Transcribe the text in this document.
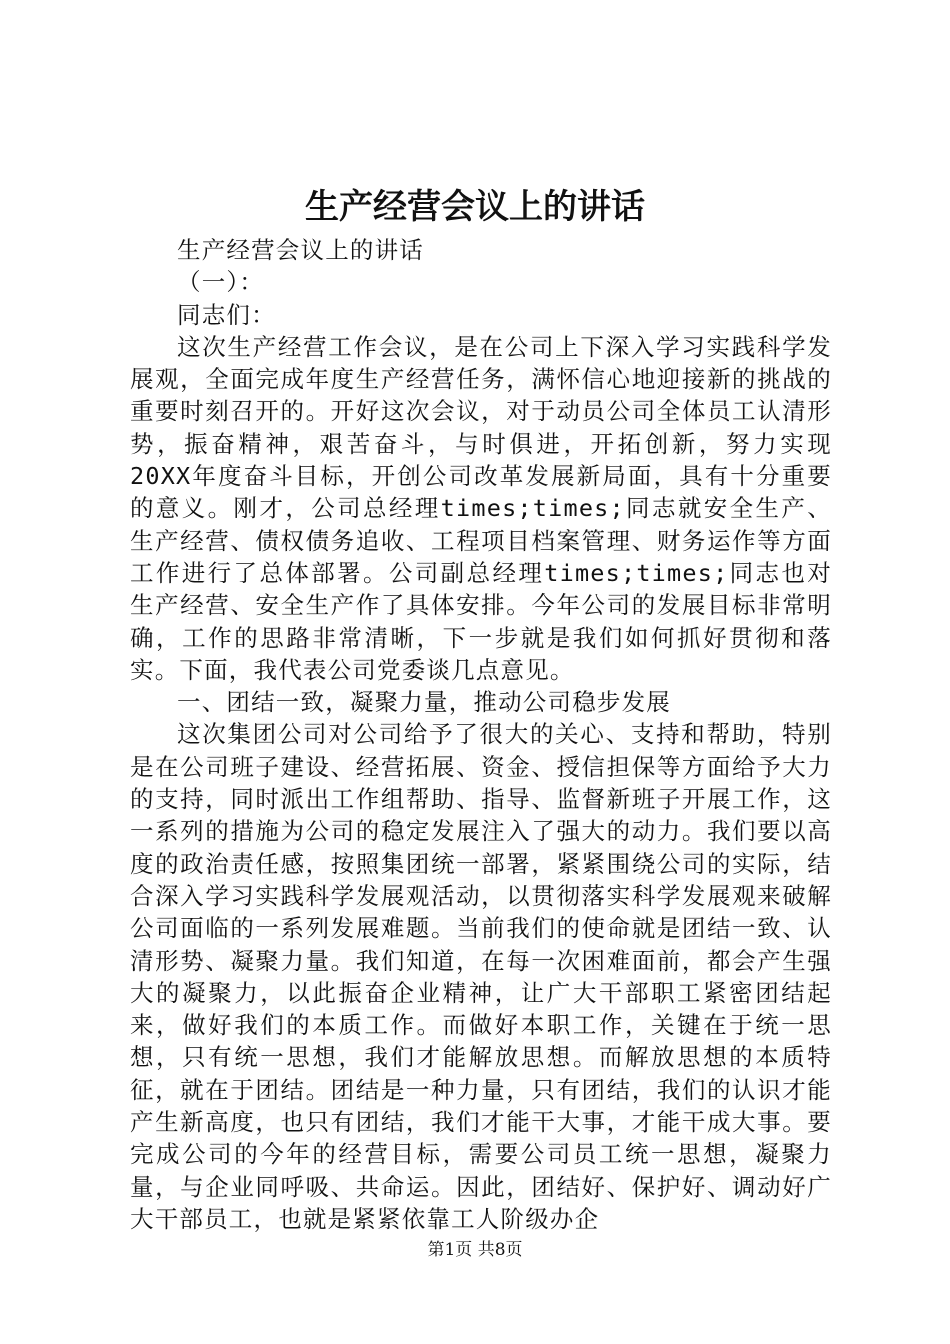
生产经营会议上的讲话

生产经营会议上的讲话

（一）：

同志们：

这次生产经营工作会议，是在公司上下深入学习实践科学发展观，全面完成年度生产经营任务，满怀信心地迎接新的挑战的重要时刻召开的。开好这次会议，对于动员公司全体员工认清形势，振奋精神，艰苦奋斗，与时俱进，开拓创新，努力实现20XX年度奋斗目标，开创公司改革发展新局面，具有十分重要的意义。刚才，公司总经理times;times;同志就安全生产、生产经营、债权债务追收、工程项目档案管理、财务运作等方面工作进行了总体部署。公司副总经理times;times;同志也对生产经营、安全生产作了具体安排。今年公司的发展目标非常明确，工作的思路非常清晰，下一步就是我们如何抓好贯彻和落实。下面，我代表公司党委谈几点意见。

一、团结一致，凝聚力量，推动公司稳步发展

这次集团公司对公司给予了很大的关心、支持和帮助，特别是在公司班子建设、经营拓展、资金、授信担保等方面给予大力的支持，同时派出工作组帮助、指导、监督新班子开展工作，这一系列的措施为公司的稳定发展注入了强大的动力。我们要以高度的政治责任感，按照集团统一部署，紧紧围绕公司的实际，结合深入学习实践科学发展观活动，以贯彻落实科学发展观来破解公司面临的一系列发展难题。当前我们的使命就是团结一致、认清形势、凝聚力量。我们知道，在每一次困难面前，都会产生强大的凝聚力，以此振奋企业精神，让广大干部职工紧密团结起来，做好我们的本质工作。而做好本职工作，关键在于统一思想，只有统一思想，我们才能解放思想。而解放思想的本质特征，就在于团结。团结是一种力量，只有团结，我们的认识才能产生新高度，也只有团结，我们才能干大事，才能干成大事。要完成公司的今年的经营目标，需要公司员工统一思想，凝聚力量，与企业同呼吸、共命运。因此，团结好、保护好、调动好广大干部员工，也就是紧紧依靠工人阶级办企

第1页 共8页
